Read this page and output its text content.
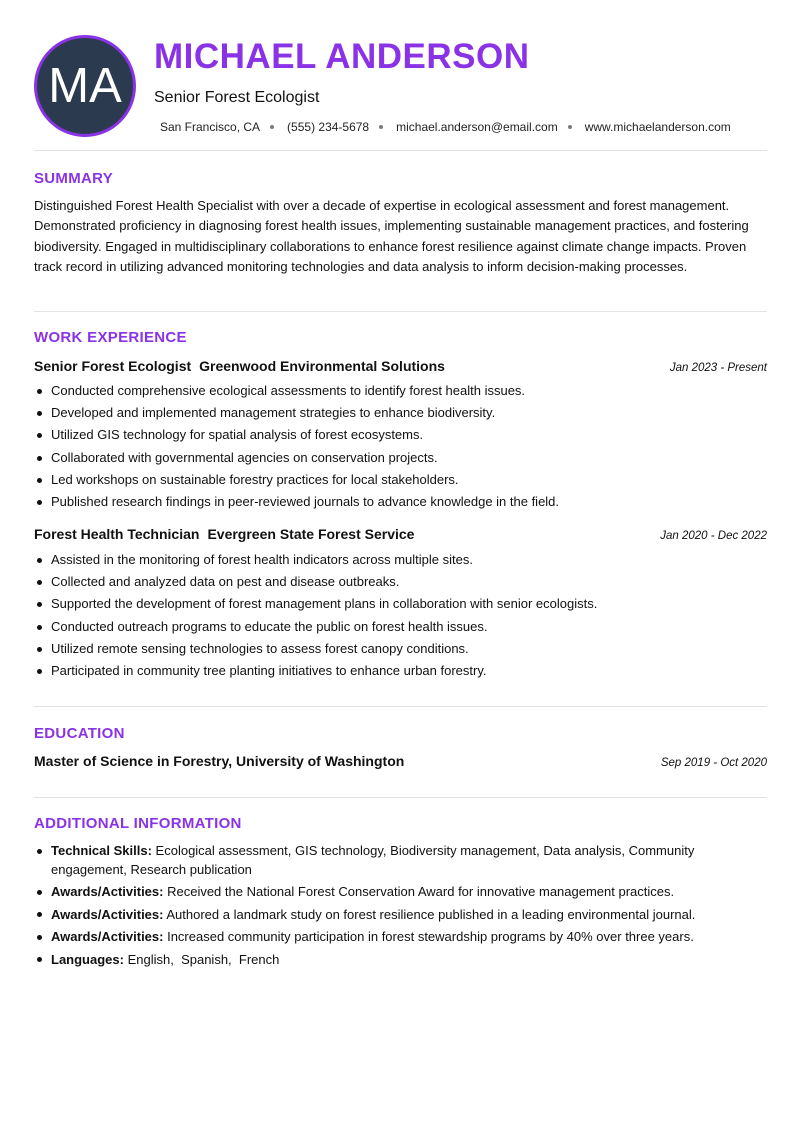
MA
MICHAEL ANDERSON
Senior Forest Ecologist
San Francisco, CA (555) 234-5678 michael.anderson@email.com www.michaelanderson.com
SUMMARY
Distinguished Forest Health Specialist with over a decade of expertise in ecological assessment and forest management. Demonstrated proficiency in diagnosing forest health issues, implementing sustainable management practices, and fostering biodiversity. Engaged in multidisciplinary collaborations to enhance forest resilience against climate change impacts. Proven track record in utilizing advanced monitoring technologies and data analysis to inform decision-making processes.
WORK EXPERIENCE
Senior Forest Ecologist Greenwood Environmental Solutions	Jan 2023 - Present
Conducted comprehensive ecological assessments to identify forest health issues.
Developed and implemented management strategies to enhance biodiversity.
Utilized GIS technology for spatial analysis of forest ecosystems.
Collaborated with governmental agencies on conservation projects.
Led workshops on sustainable forestry practices for local stakeholders.
Published research findings in peer-reviewed journals to advance knowledge in the field.
Forest Health Technician Evergreen State Forest Service	Jan 2020 - Dec 2022
Assisted in the monitoring of forest health indicators across multiple sites.
Collected and analyzed data on pest and disease outbreaks.
Supported the development of forest management plans in collaboration with senior ecologists.
Conducted outreach programs to educate the public on forest health issues.
Utilized remote sensing technologies to assess forest canopy conditions.
Participated in community tree planting initiatives to enhance urban forestry.
EDUCATION
Master of Science in Forestry, University of Washington	Sep 2019 - Oct 2020
ADDITIONAL INFORMATION
Technical Skills: Ecological assessment, GIS technology, Biodiversity management, Data analysis, Community engagement, Research publication
Awards/Activities: Received the National Forest Conservation Award for innovative management practices.
Awards/Activities: Authored a landmark study on forest resilience published in a leading environmental journal.
Awards/Activities: Increased community participation in forest stewardship programs by 40% over three years.
Languages: English,  Spanish,  French
